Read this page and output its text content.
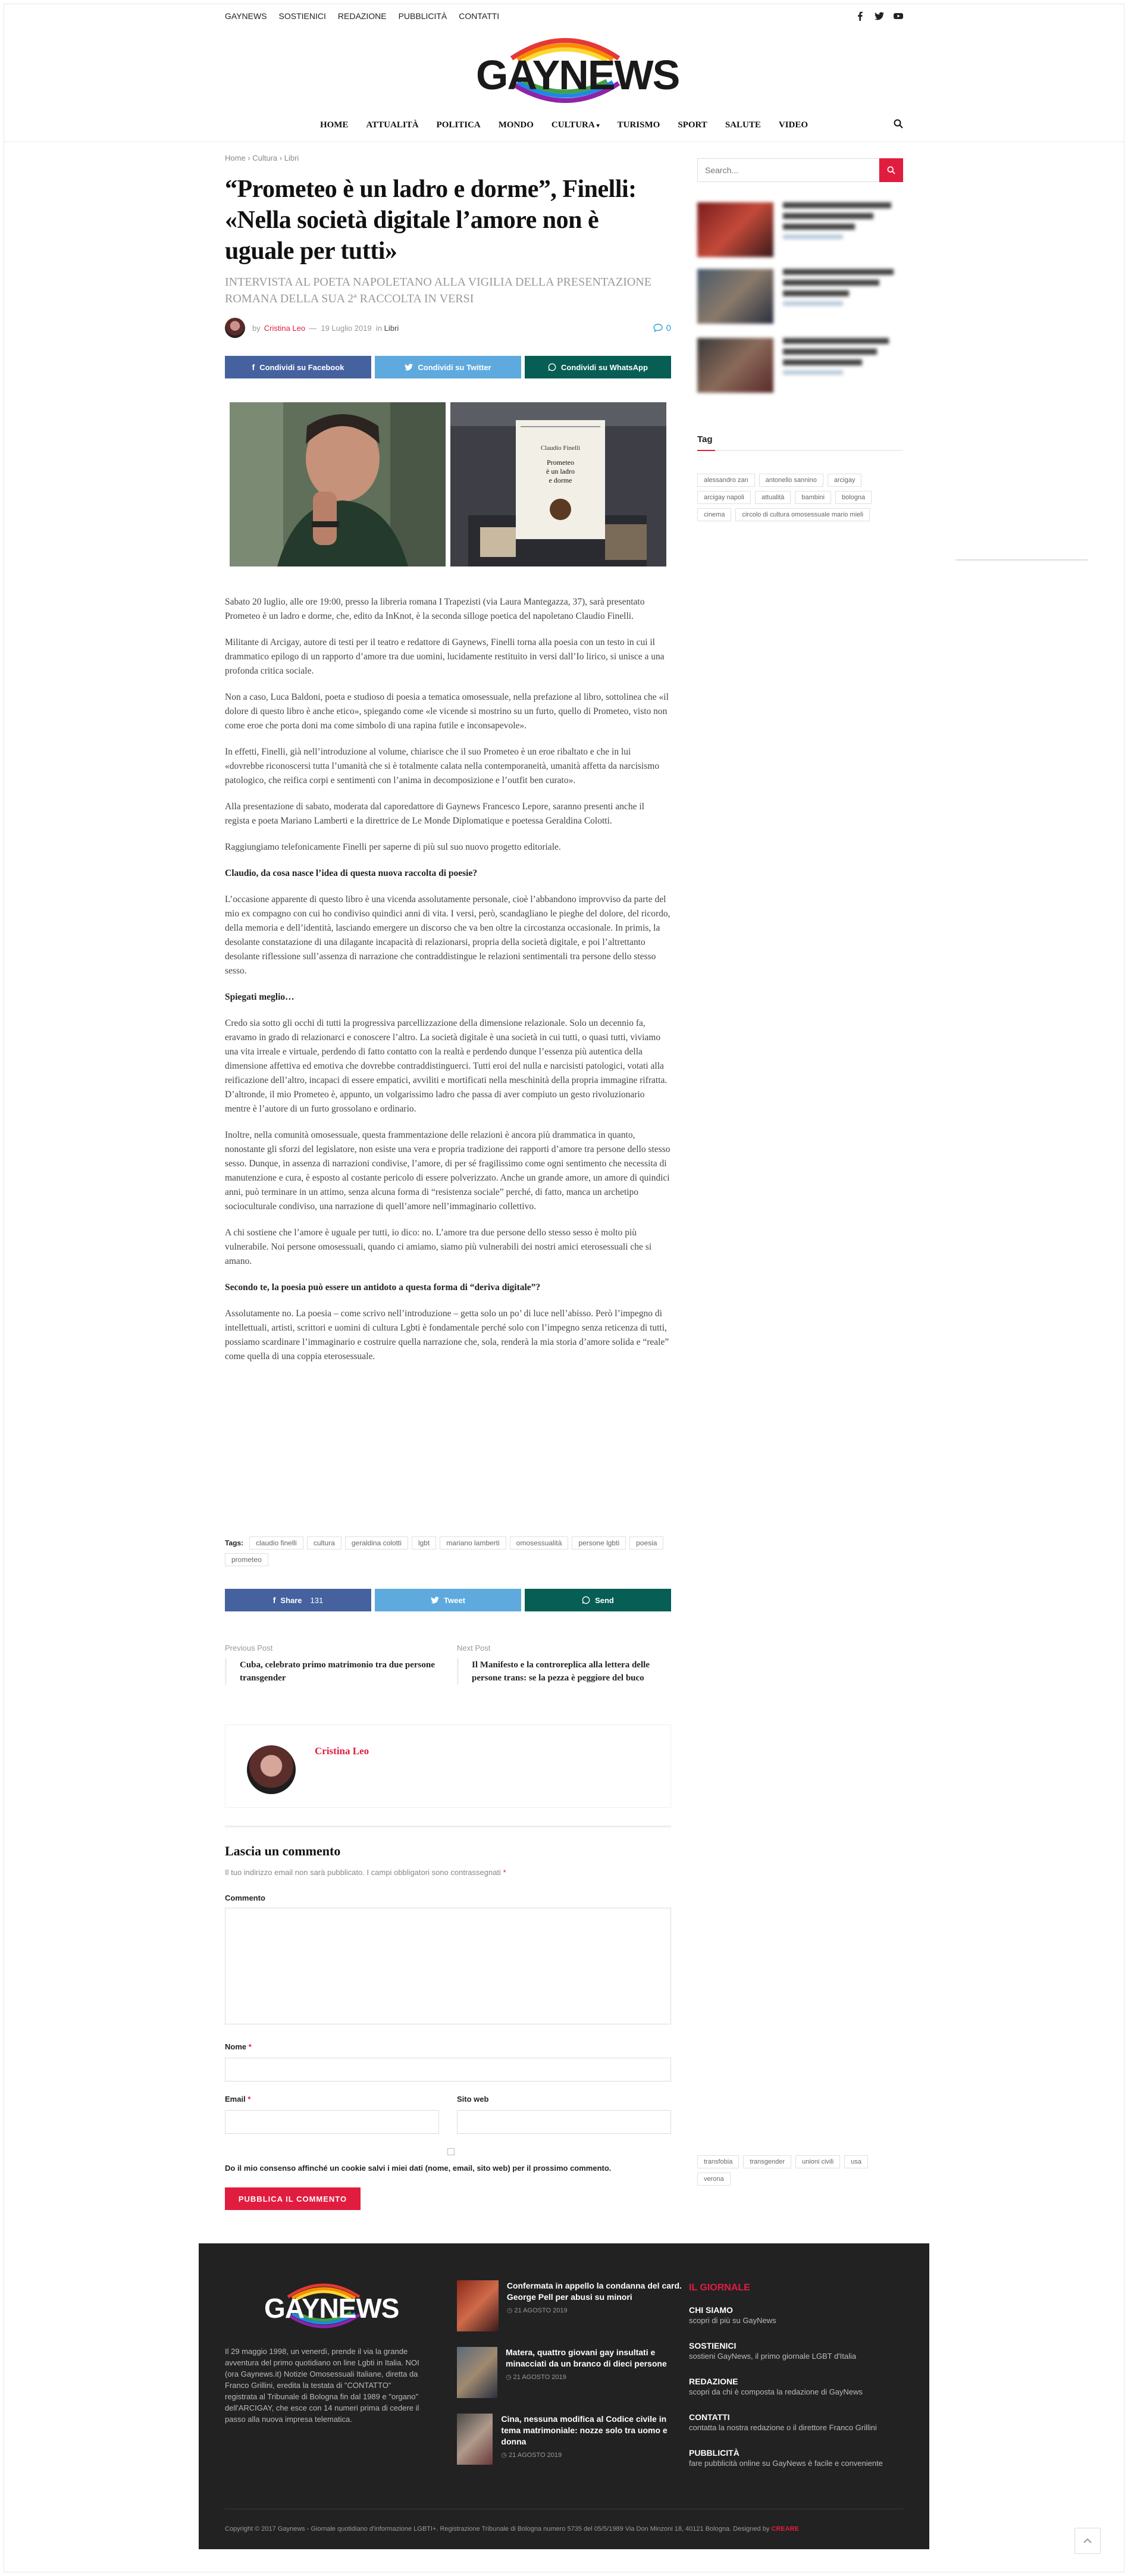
GAYNEWS SOSTIENICI REDAZIONE PUBBLICITÀ CONTATTI
GAYNEWS
HOME ATTUALITÀ POLITICA MONDO CULTURA ▾ TURISMO SPORT SALUTE VIDEO
Home › Cultura › Libri
“Prometeo è un ladro e dorme”, Finelli: «Nella società digitale l’amore non è uguale per tutti»
INTERVISTA AL POETA NAPOLETANO ALLA VIGILIA DELLA PRESENTAZIONE ROMANA DELLA SUA 2ª RACCOLTA IN VERSI
by Cristina Leo —
19 Luglio 2019
in
Libri	0
f Condividi su Facebook	Condividi su Twitter	Condividi su WhatsApp
Claudio Finelli
Prometeo
è un ladro
e dorme

Sabato 20 luglio, alle ore 19:00, presso la libreria romana I Trapezisti (via Laura Mantegazza, 37), sarà presentato Prometeo è un ladro e dorme, che, edito da InKnot, è la seconda silloge poetica del napoletano Claudio Finelli.

Militante di Arcigay, autore di testi per il teatro e redattore di Gaynews, Finelli torna alla poesia con un testo in cui il drammatico epilogo di un rapporto d’amore tra due uomini, lucidamente restituito in versi dall’Io lirico, si unisce a una profonda critica sociale.

Non a caso, Luca Baldoni, poeta e studioso di poesia a tematica omosessuale, nella prefazione al libro, sottolinea che «il dolore di questo libro è anche etico», spiegando come «le vicende si mostrino su un furto, quello di Prometeo, visto non come eroe che porta doni ma come simbolo di una rapina futile e inconsapevole».

In effetti, Finelli, già nell’introduzione al volume, chiarisce che il suo Prometeo è un eroe ribaltato e che in lui «dovrebbe riconoscersi tutta l’umanità che si è totalmente calata nella contemporaneità, umanità affetta da narcisismo patologico, che reifica corpi e sentimenti con l’anima in decomposizione e l’outfit ben curato».

Alla presentazione di sabato, moderata dal caporedattore di Gaynews Francesco Lepore, saranno presenti anche il regista e poeta Mariano Lamberti e la direttrice de Le Monde Diplomatique e poetessa Geraldina Colotti.

Raggiungiamo telefonicamente Finelli per saperne di più sul suo nuovo progetto editoriale.

Claudio, da cosa nasce l’idea di questa nuova raccolta di poesie?

L’occasione apparente di questo libro è una vicenda assolutamente personale, cioè l’abbandono improvviso da parte del mio ex compagno con cui ho condiviso quindici anni di vita. I versi, però, scandagliano le pieghe del dolore, del ricordo, della memoria e dell’identità, lasciando emergere un discorso che va ben oltre la circostanza occasionale. In primis, la desolante constatazione di una dilagante incapacità di relazionarsi, propria della società digitale, e poi l’altrettanto desolante riflessione sull’assenza di narrazione che contraddistingue le relazioni sentimentali tra persone dello stesso sesso.

Spiegati meglio…

Credo sia sotto gli occhi di tutti la progressiva parcellizzazione della dimensione relazionale. Solo un decennio fa, eravamo in grado di relazionarci e conoscere l’altro. La società digitale è una società in cui tutti, o quasi tutti, viviamo una vita irreale e virtuale, perdendo di fatto contatto con la realtà e perdendo dunque l’essenza più autentica della dimensione affettiva ed emotiva che dovrebbe contraddistinguerci. Tutti eroi del nulla e narcisisti patologici, votati alla reificazione dell’altro, incapaci di essere empatici, avviliti e mortificati nella meschinità della propria immagine rifratta. D’altronde, il mio Prometeo è, appunto, un volgarissimo ladro che passa di aver compiuto un gesto rivoluzionario mentre è l’autore di un furto grossolano e ordinario.

Inoltre, nella comunità omosessuale, questa frammentazione delle relazioni è ancora più drammatica in quanto, nonostante gli sforzi del legislatore, non esiste una vera e propria tradizione dei rapporti d’amore tra persone dello stesso sesso. Dunque, in assenza di narrazioni condivise, l’amore, di per sé fragilissimo come ogni sentimento che necessita di manutenzione e cura, è esposto al costante pericolo di essere polverizzato. Anche un grande amore, un amore di quindici anni, può terminare in un attimo, senza alcuna forma di “resistenza sociale” perché, di fatto, manca un archetipo socioculturale condiviso, una narrazione di quell’amore nell’immaginario collettivo.

A chi sostiene che l’amore è uguale per tutti, io dico: no. L’amore tra due persone dello stesso sesso è molto più vulnerabile. Noi persone omosessuali, quando ci amiamo, siamo più vulnerabili dei nostri amici eterosessuali che si amano.

Secondo te, la poesia può essere un antidoto a questa forma di “deriva digitale”?

Assolutamente no. La poesia – come scrivo nell’introduzione – getta solo un po’ di luce nell’abisso. Però l’impegno di intellettuali, artisti, scrittori e uomini di cultura Lgbti è fondamentale perché solo con l’impegno senza reticenza di tutti, possiamo scardinare l’immaginario e costruire quella narrazione che, sola, renderà la mia storia d’amore solida e “reale” come quella di una coppia eterosessuale.

Tags:	claudio finelli	cultura	geraldina colotti	lgbt	mariano lamberti	omosessualità	persone lgbti	poesia
prometeo
f Share 131	Tweet	Send
Previous Post
Cuba, celebrato primo matrimonio tra due persone transgender
Next Post
Il Manifesto e la controreplica alla lettera delle persone trans: se la pezza è peggiore del buco
Cristina Leo
Lascia un commento
Il tuo indirizzo email non sarà pubblicato. I campi obbligatori sono contrassegnati *
Commento
Nome *
Email *	Sito web
Do il mio consenso affinché un cookie salvi i miei dati (nome, email, sito web) per il prossimo commento.
PUBBLICA IL COMMENTO
Search...
Tag
alessandro zan	antonello sannino	arcigay
arcigay napoli	attualità	bambini	bologna
cinema	circolo di cultura omosessuale mario mieli
transfobia	transgender	unioni civili	usa
verona
GAYNEWS
Il 29 maggio 1998, un venerdì, prende il via la grande avventura del primo quotidiano on line Lgbti in Italia. NOI (ora Gaynews.it) Notizie Omosessuali Italiane, diretta da Franco Grillini, eredita la testata di "CONTATTO" registrata al Tribunale di Bologna fin dal 1989 e "organo" dell'ARCIGAY, che esce con 14 numeri prima di cedere il passo alla nuova impresa telematica.
Confermata in appello la condanna del card. George Pell per abusi su minori
◷ 21 AGOSTO 2019
Matera, quattro giovani gay insultati e minacciati da un branco di dieci persone
◷ 21 AGOSTO 2019
Cina, nessuna modifica al Codice civile in tema matrimoniale: nozze solo tra uomo e donna
◷ 21 AGOSTO 2019
IL GIORNALE
CHI SIAMO
scopri di più su GayNews
SOSTIENICI
sostieni GayNews, il primo giornale LGBT d'Italia
REDAZIONE
scopri da chi è composta la redazione di GayNews
CONTATTI
contatta la nostra redazione o il direttore Franco Grillini
PUBBLICITÀ
fare pubblicità online su GayNews è facile e conveniente
Copyright © 2017 Gaynews - Giornale quotidiano d'informazione LGBTI+. Registrazione Tribunale di Bologna numero 5735 del 05/5/1989 Via Don Minzoni 18, 40121 Bologna. Designed by CREARE
